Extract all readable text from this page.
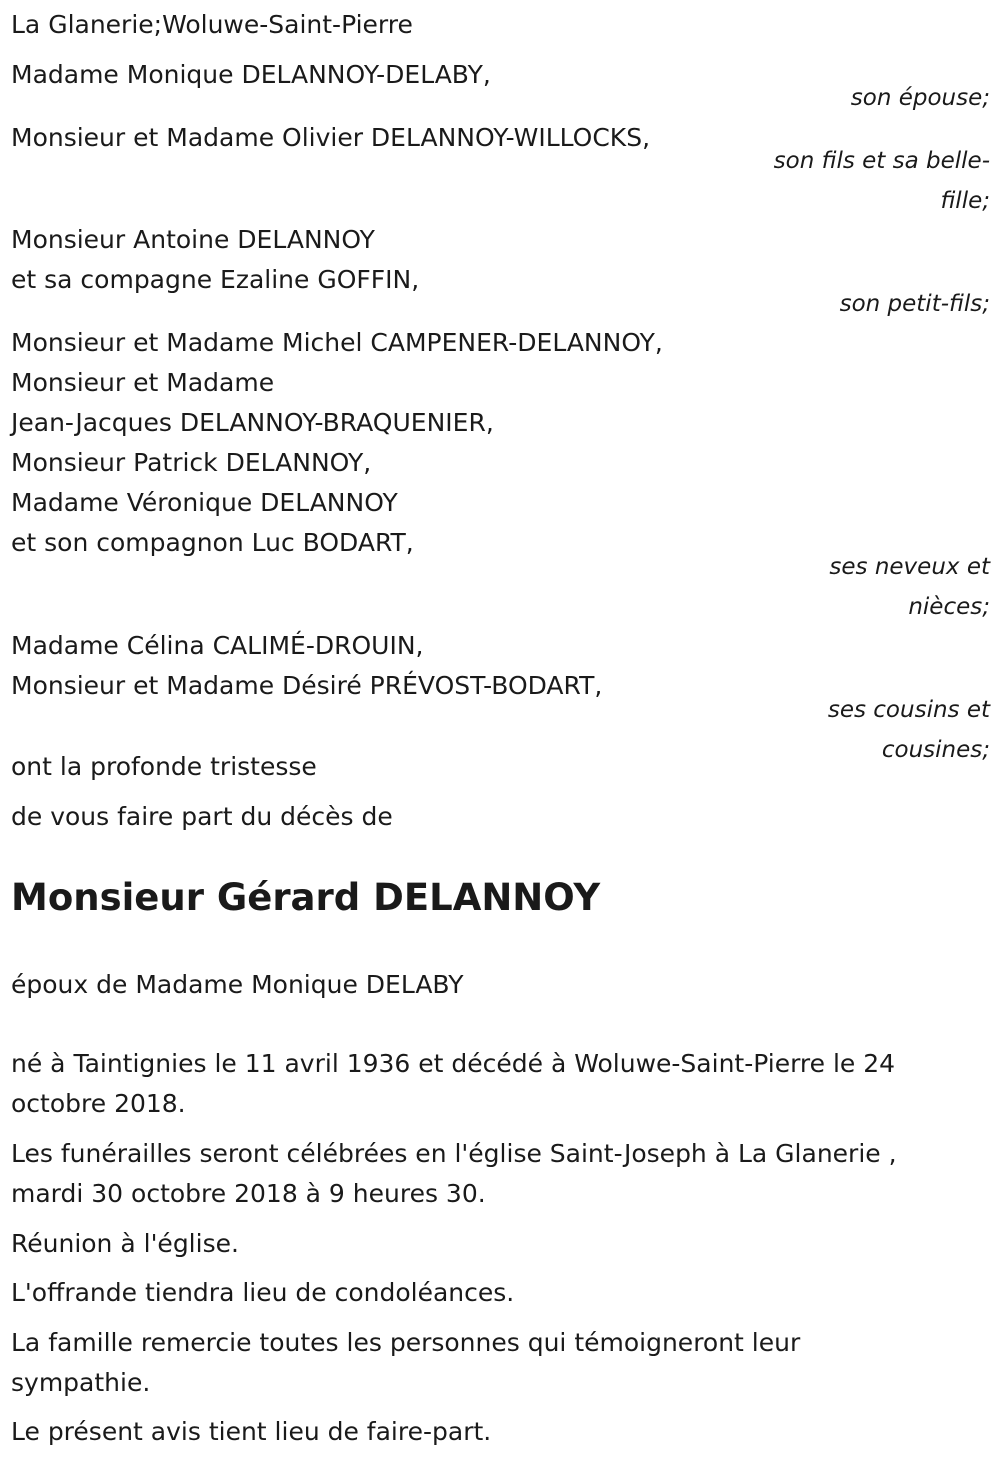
La Glanerie;Woluwe-Saint-Pierre
Madame Monique DELANNOY-DELABY,
son épouse;
Monsieur et Madame Olivier DELANNOY-WILLOCKS,
son fils et sa belle-
fille;
Monsieur Antoine DELANNOY
et sa compagne Ezaline GOFFIN,
son petit-fils;
Monsieur et Madame Michel CAMPENER-DELANNOY,
Monsieur et Madame
Jean-Jacques DELANNOY-BRAQUENIER,
Monsieur Patrick DELANNOY,
Madame Véronique DELANNOY
et son compagnon Luc BODART,
ses neveux et
nièces;
Madame Célina CALIMÉ-DROUIN,
Monsieur et Madame Désiré PRÉVOST-BODART,
ses cousins et
cousines;
ont la profonde tristesse
de vous faire part du décès de
Monsieur Gérard DELANNOY
époux de Madame Monique DELABY
né à Taintignies le 11 avril 1936 et décédé à Woluwe-Saint-Pierre le 24
octobre 2018.
Les funérailles seront célébrées en l'église Saint-Joseph à La Glanerie ,
mardi 30 octobre 2018 à 9 heures 30.
Réunion à l'église.
L'offrande tiendra lieu de condoléances.
La famille remercie toutes les personnes qui témoigneront leur
sympathie.
Le présent avis tient lieu de faire-part.
